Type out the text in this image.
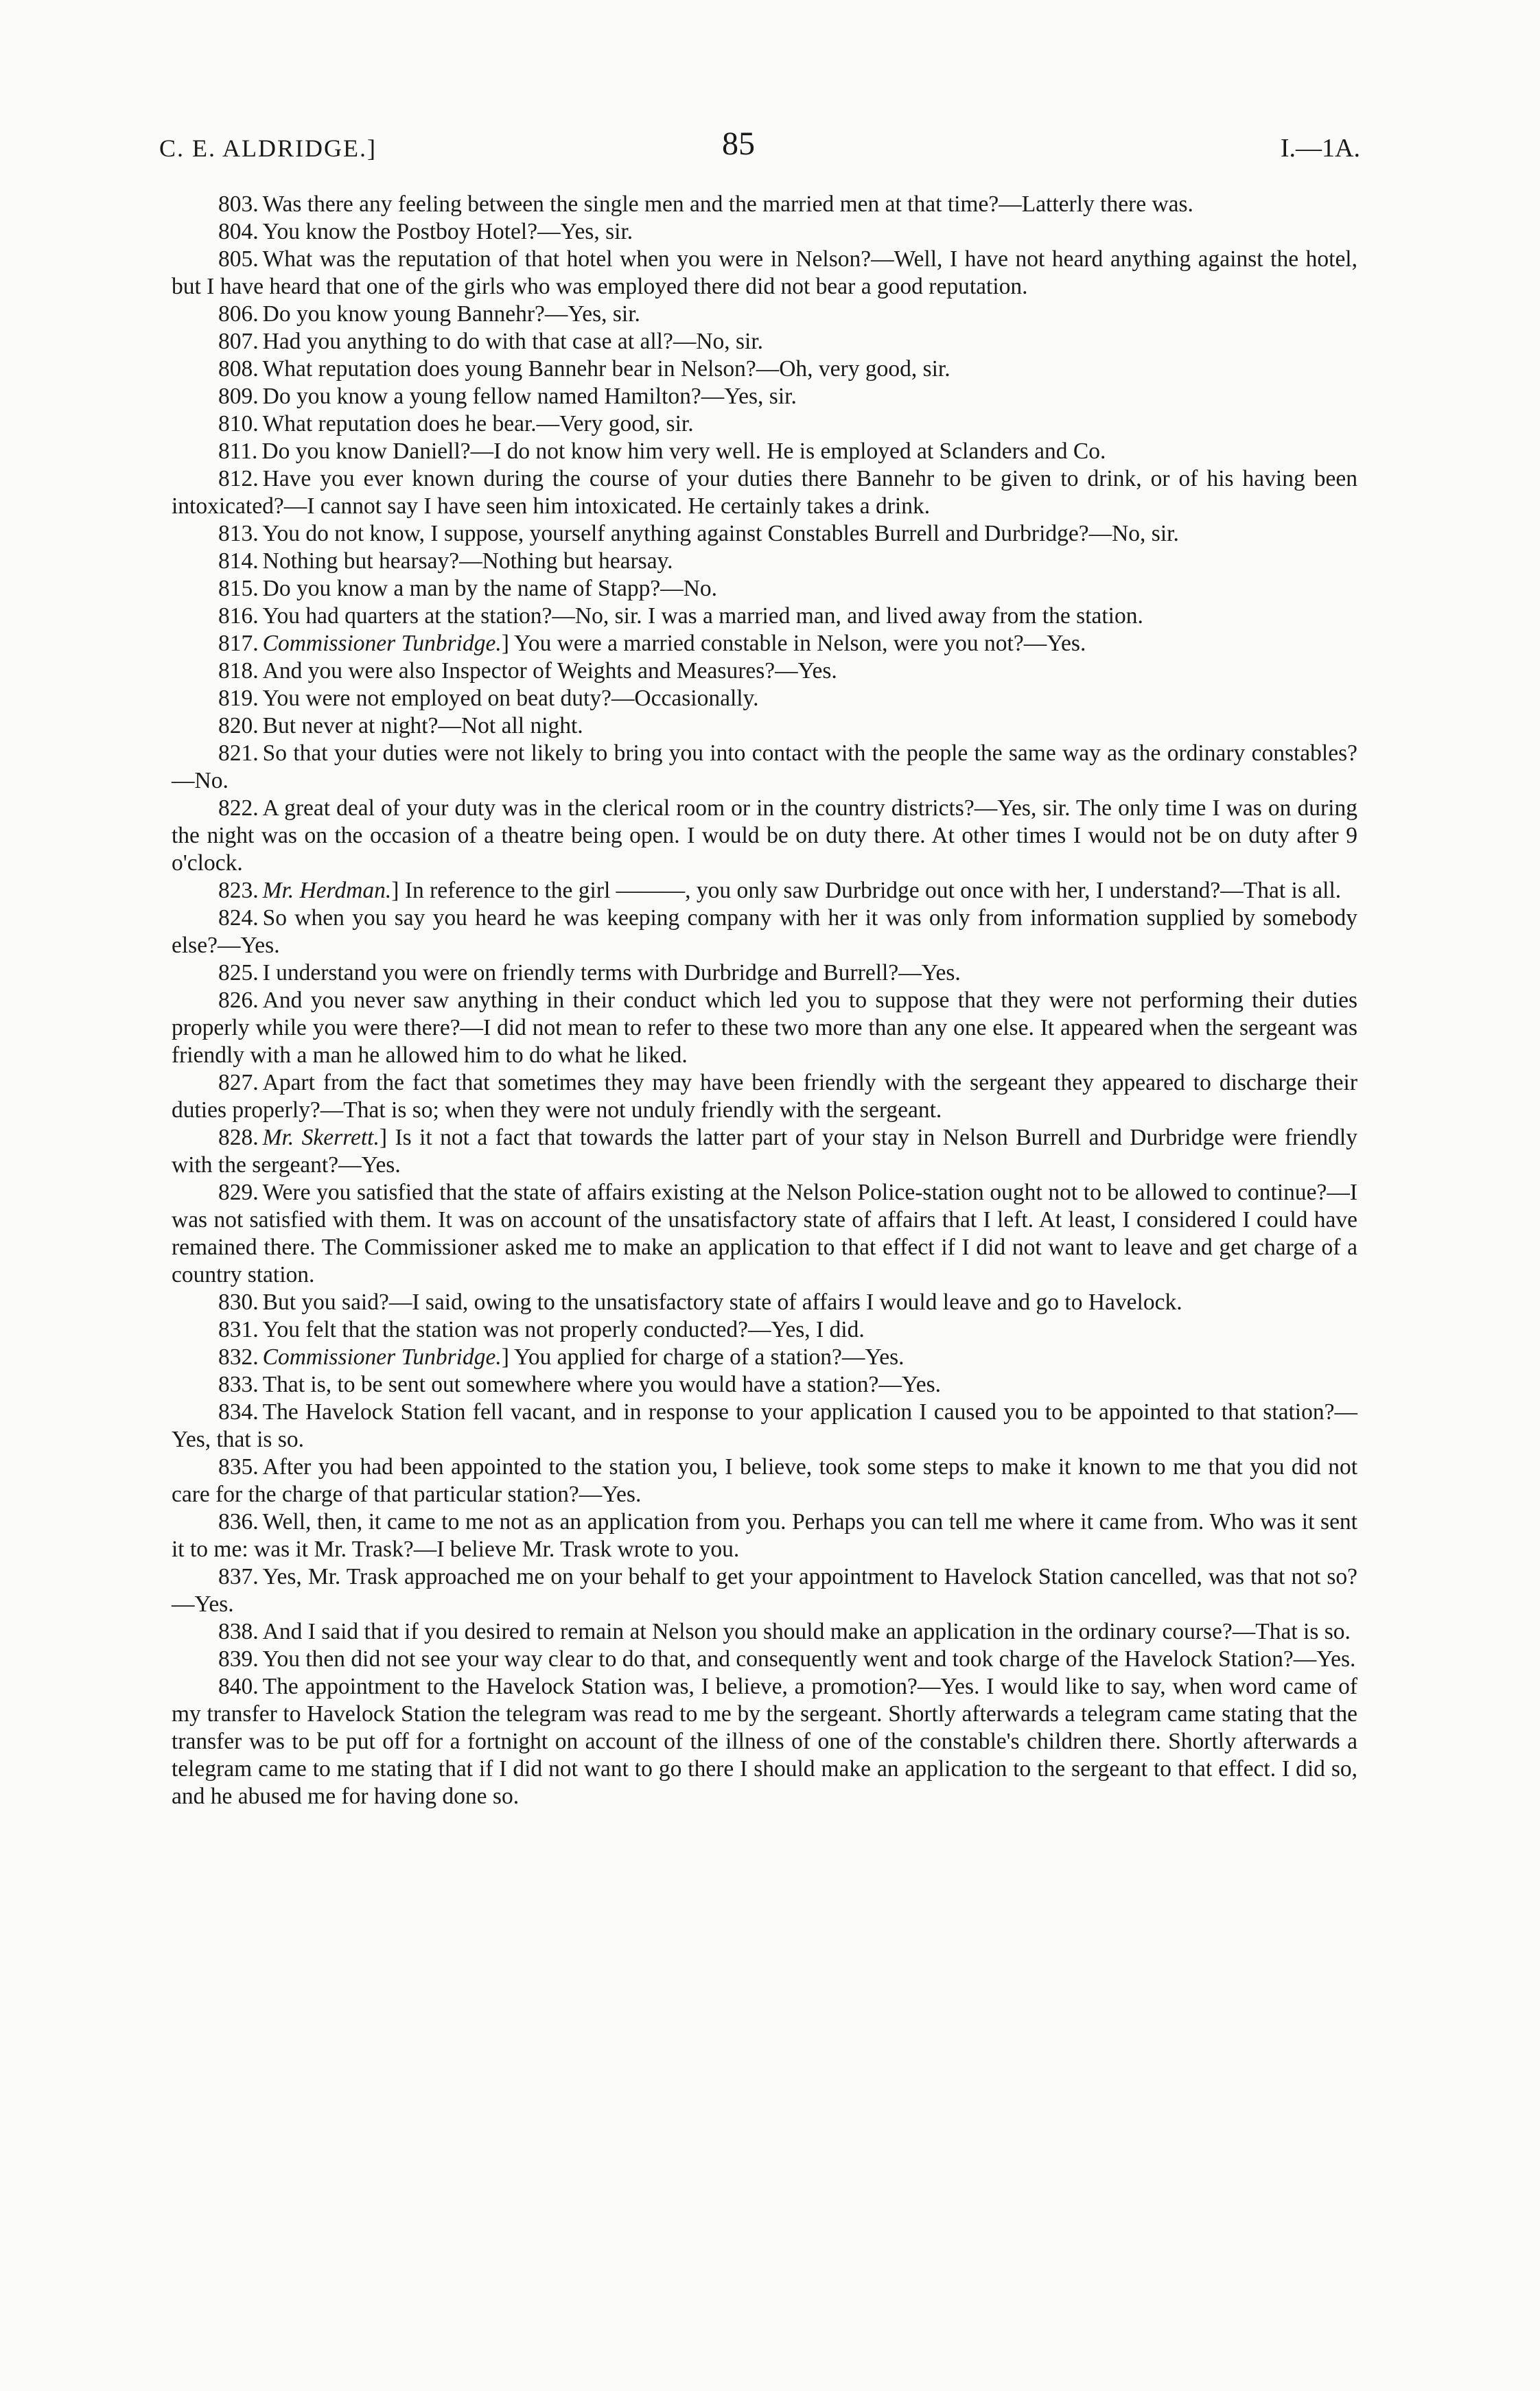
C. E. ALDRIDGE.]	85	I.—1A.

803. Was there any feeling between the single men and the married men at that time?—Latterly there was.

804. You know the Postboy Hotel?—Yes, sir.

805. What was the reputation of that hotel when you were in Nelson?—Well, I have not heard anything against the hotel, but I have heard that one of the girls who was employed there did not bear a good reputation.

806. Do you know young Bannehr?—Yes, sir.

807. Had you anything to do with that case at all?—No, sir.

808. What reputation does young Bannehr bear in Nelson?—Oh, very good, sir.

809. Do you know a young fellow named Hamilton?—Yes, sir.

810. What reputation does he bear.—Very good, sir.

811. Do you know Daniell?—I do not know him very well. He is employed at Sclanders and Co.

812. Have you ever known during the course of your duties there Bannehr to be given to drink, or of his having been intoxicated?—I cannot say I have seen him intoxicated. He certainly takes a drink.

813. You do not know, I suppose, yourself anything against Constables Burrell and Durbridge?—No, sir.

814. Nothing but hearsay?—Nothing but hearsay.

815. Do you know a man by the name of Stapp?—No.

816. You had quarters at the station?—No, sir. I was a married man, and lived away from the station.

817. Commissioner Tunbridge.] You were a married constable in Nelson, were you not?—Yes.

818. And you were also Inspector of Weights and Measures?—Yes.

819. You were not employed on beat duty?—Occasionally.

820. But never at night?—Not all night.

821. So that your duties were not likely to bring you into contact with the people the same way as the ordinary constables?—No.

822. A great deal of your duty was in the clerical room or in the country districts?—Yes, sir. The only time I was on during the night was on the occasion of a theatre being open. I would be on duty there. At other times I would not be on duty after 9 o'clock.

823. Mr. Herdman.] In reference to the girl ———, you only saw Durbridge out once with her, I understand?—That is all.

824. So when you say you heard he was keeping company with her it was only from information supplied by somebody else?—Yes.

825. I understand you were on friendly terms with Durbridge and Burrell?—Yes.

826. And you never saw anything in their conduct which led you to suppose that they were not performing their duties properly while you were there?—I did not mean to refer to these two more than any one else. It appeared when the sergeant was friendly with a man he allowed him to do what he liked.

827. Apart from the fact that sometimes they may have been friendly with the sergeant they appeared to discharge their duties properly?—That is so; when they were not unduly friendly with the sergeant.

828. Mr. Skerrett.] Is it not a fact that towards the latter part of your stay in Nelson Burrell and Durbridge were friendly with the sergeant?—Yes.

829. Were you satisfied that the state of affairs existing at the Nelson Police-station ought not to be allowed to continue?—I was not satisfied with them. It was on account of the unsatisfactory state of affairs that I left. At least, I considered I could have remained there. The Commissioner asked me to make an application to that effect if I did not want to leave and get charge of a country station.

830. But you said?—I said, owing to the unsatisfactory state of affairs I would leave and go to Havelock.

831. You felt that the station was not properly conducted?—Yes, I did.

832. Commissioner Tunbridge.] You applied for charge of a station?—Yes.

833. That is, to be sent out somewhere where you would have a station?—Yes.

834. The Havelock Station fell vacant, and in response to your application I caused you to be appointed to that station?—Yes, that is so.

835. After you had been appointed to the station you, I believe, took some steps to make it known to me that you did not care for the charge of that particular station?—Yes.

836. Well, then, it came to me not as an application from you. Perhaps you can tell me where it came from. Who was it sent it to me: was it Mr. Trask?—I believe Mr. Trask wrote to you.

837. Yes, Mr. Trask approached me on your behalf to get your appointment to Havelock Station cancelled, was that not so?—Yes.

838. And I said that if you desired to remain at Nelson you should make an application in the ordinary course?—That is so.

839. You then did not see your way clear to do that, and consequently went and took charge of the Havelock Station?—Yes.

840. The appointment to the Havelock Station was, I believe, a promotion?—Yes. I would like to say, when word came of my transfer to Havelock Station the telegram was read to me by the sergeant. Shortly afterwards a telegram came stating that the transfer was to be put off for a fortnight on account of the illness of one of the constable's children there. Shortly afterwards a telegram came to me stating that if I did not want to go there I should make an application to the sergeant to that effect. I did so, and he abused me for having done so.
